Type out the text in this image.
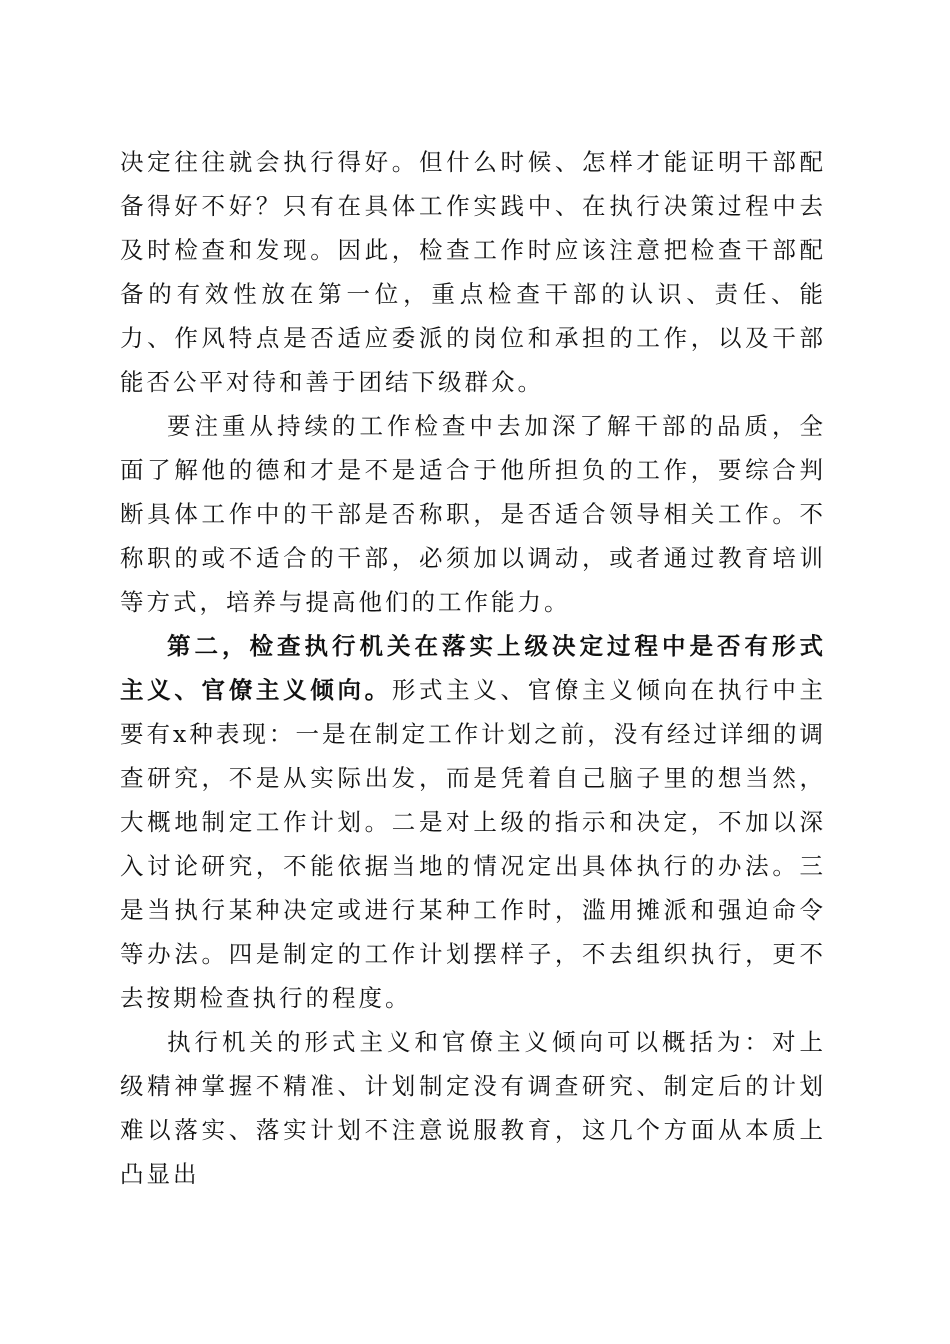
决定往往就会执行得好。但什么时候、怎样才能证明干部配备得好不好？只有在具体工作实践中、在执行决策过程中去及时检查和发现。因此，检查工作时应该注意把检查干部配备的有效性放在第一位，重点检查干部的认识、责任、能力、作风特点是否适应委派的岗位和承担的工作，以及干部能否公平对待和善于团结下级群众。

要注重从持续的工作检查中去加深了解干部的品质，全面了解他的德和才是不是适合于他所担负的工作，要综合判断具体工作中的干部是否称职，是否适合领导相关工作。不称职的或不适合的干部，必须加以调动，或者通过教育培训等方式，培养与提高他们的工作能力。

第二，检查执行机关在落实上级决定过程中是否有形式主义、官僚主义倾向。形式主义、官僚主义倾向在执行中主要有x种表现：一是在制定工作计划之前，没有经过详细的调查研究，不是从实际出发，而是凭着自己脑子里的想当然，大概地制定工作计划。二是对上级的指示和决定，不加以深入讨论研究，不能依据当地的情况定出具体执行的办法。三是当执行某种决定或进行某种工作时，滥用摊派和强迫命令等办法。四是制定的工作计划摆样子，不去组织执行，更不去按期检查执行的程度。

执行机关的形式主义和官僚主义倾向可以概括为：对上级精神掌握不精准、计划制定没有调查研究、制定后的计划难以落实、落实计划不注意说服教育，这几个方面从本质上凸显出
